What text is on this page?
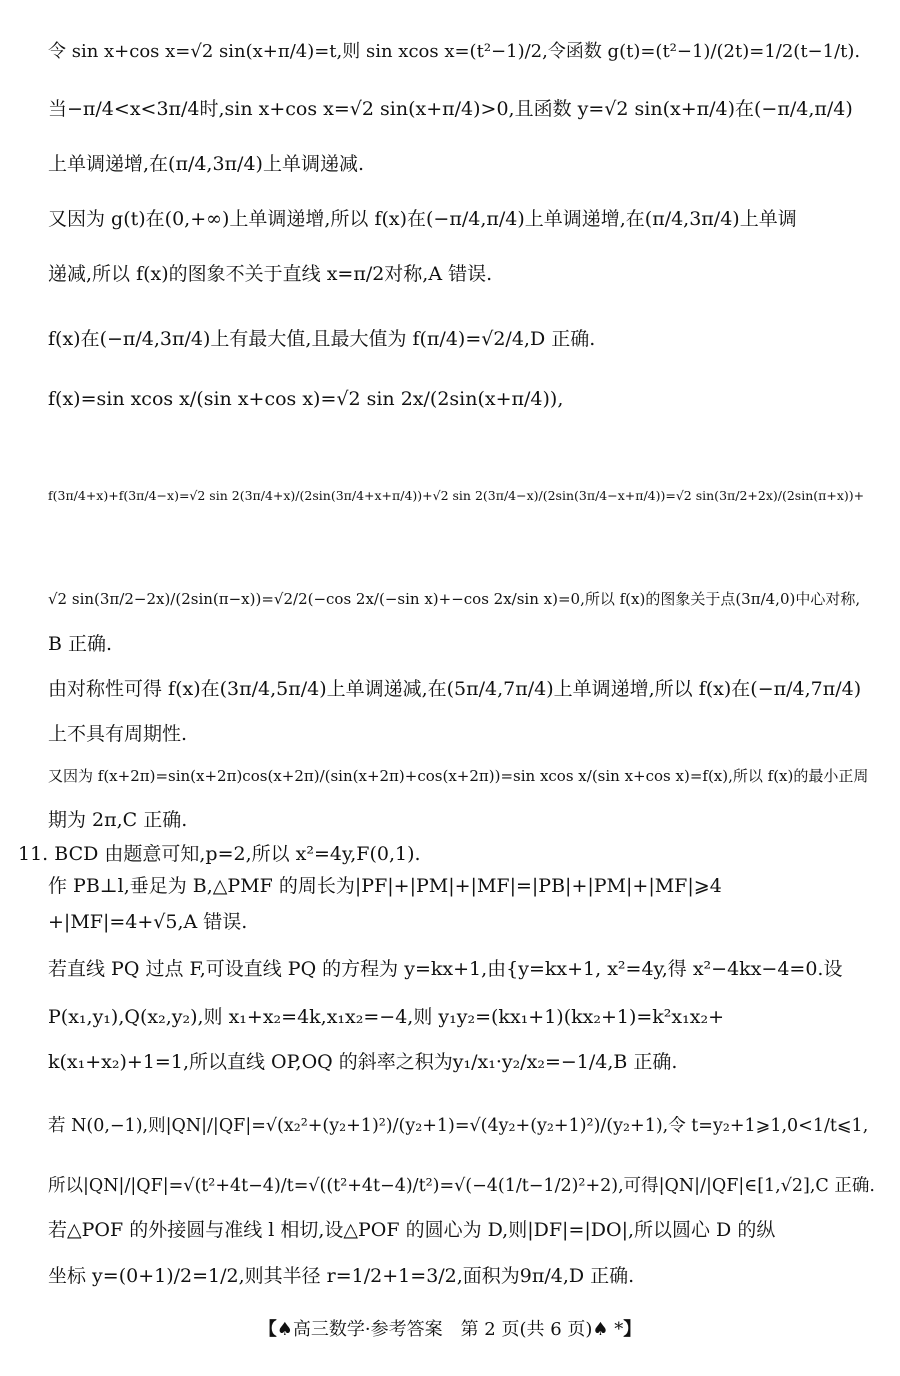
令 sin x+cos x=√2 sin(x+π/4)=t,则 sin xcos x=(t²−1)/2,令函数 g(t)=(t²−1)/(2t)=1/2(t−1/t).
当−π/4<x<3π/4时,sin x+cos x=√2 sin(x+π/4)>0,且函数 y=√2 sin(x+π/4)在(−π/4,π/4)
上单调递增,在(π/4,3π/4)上单调递减.
又因为 g(t)在(0,+∞)上单调递增,所以 f(x)在(−π/4,π/4)上单调递增,在(π/4,3π/4)上单调
递减,所以 f(x)的图象不关于直线 x=π/2对称,A 错误.
f(x)在(−π/4,3π/4)上有最大值,且最大值为 f(π/4)=√2/4,D 正确.
f(x)=sin xcos x/(sin x+cos x)=√2 sin 2x/(2sin(x+π/4)),
f(3π/4+x)+f(3π/4−x)=√2 sin 2(3π/4+x)/(2sin(3π/4+x+π/4))+√2 sin 2(3π/4−x)/(2sin(3π/4−x+π/4))=√2 sin(3π/2+2x)/(2sin(π+x))+
√2 sin(3π/2−2x)/(2sin(π−x))=√2/2(−cos 2x/(−sin x)+−cos 2x/sin x)=0,所以 f(x)的图象关于点(3π/4,0)中心对称,
B 正确.
由对称性可得 f(x)在(3π/4,5π/4)上单调递减,在(5π/4,7π/4)上单调递增,所以 f(x)在(−π/4,7π/4)
上不具有周期性.
又因为 f(x+2π)=sin(x+2π)cos(x+2π)/(sin(x+2π)+cos(x+2π))=sin xcos x/(sin x+cos x)=f(x),所以 f(x)的最小正周
期为 2π,C 正确.
11. BCD 由题意可知,p=2,所以 x²=4y,F(0,1).
作 PB⊥l,垂足为 B,△PMF 的周长为|PF|+|PM|+|MF|=|PB|+|PM|+|MF|⩾4
+|MF|=4+√5,A 错误.
若直线 PQ 过点 F,可设直线 PQ 的方程为 y=kx+1,由{y=kx+1, x²=4y,得 x²−4kx−4=0.设
P(x₁,y₁),Q(x₂,y₂),则 x₁+x₂=4k,x₁x₂=−4,则 y₁y₂=(kx₁+1)(kx₂+1)=k²x₁x₂+
k(x₁+x₂)+1=1,所以直线 OP,OQ 的斜率之积为y₁/x₁·y₂/x₂=−1/4,B 正确.
若 N(0,−1),则|QN|/|QF|=√(x₂²+(y₂+1)²)/(y₂+1)=√(4y₂+(y₂+1)²)/(y₂+1),令 t=y₂+1⩾1,0<1/t⩽1,
所以|QN|/|QF|=√(t²+4t−4)/t=√((t²+4t−4)/t²)=√(−4(1/t−1/2)²+2),可得|QN|/|QF|∈[1,√2],C 正确.
若△POF 的外接圆与准线 l 相切,设△POF 的圆心为 D,则|DF|=|DO|,所以圆心 D 的纵
坐标 y=(0+1)/2=1/2,则其半径 r=1/2+1=3/2,面积为9π/4,D 正确.
【♠高三数学·参考答案　第 2 页(共 6 页)♠ *】
